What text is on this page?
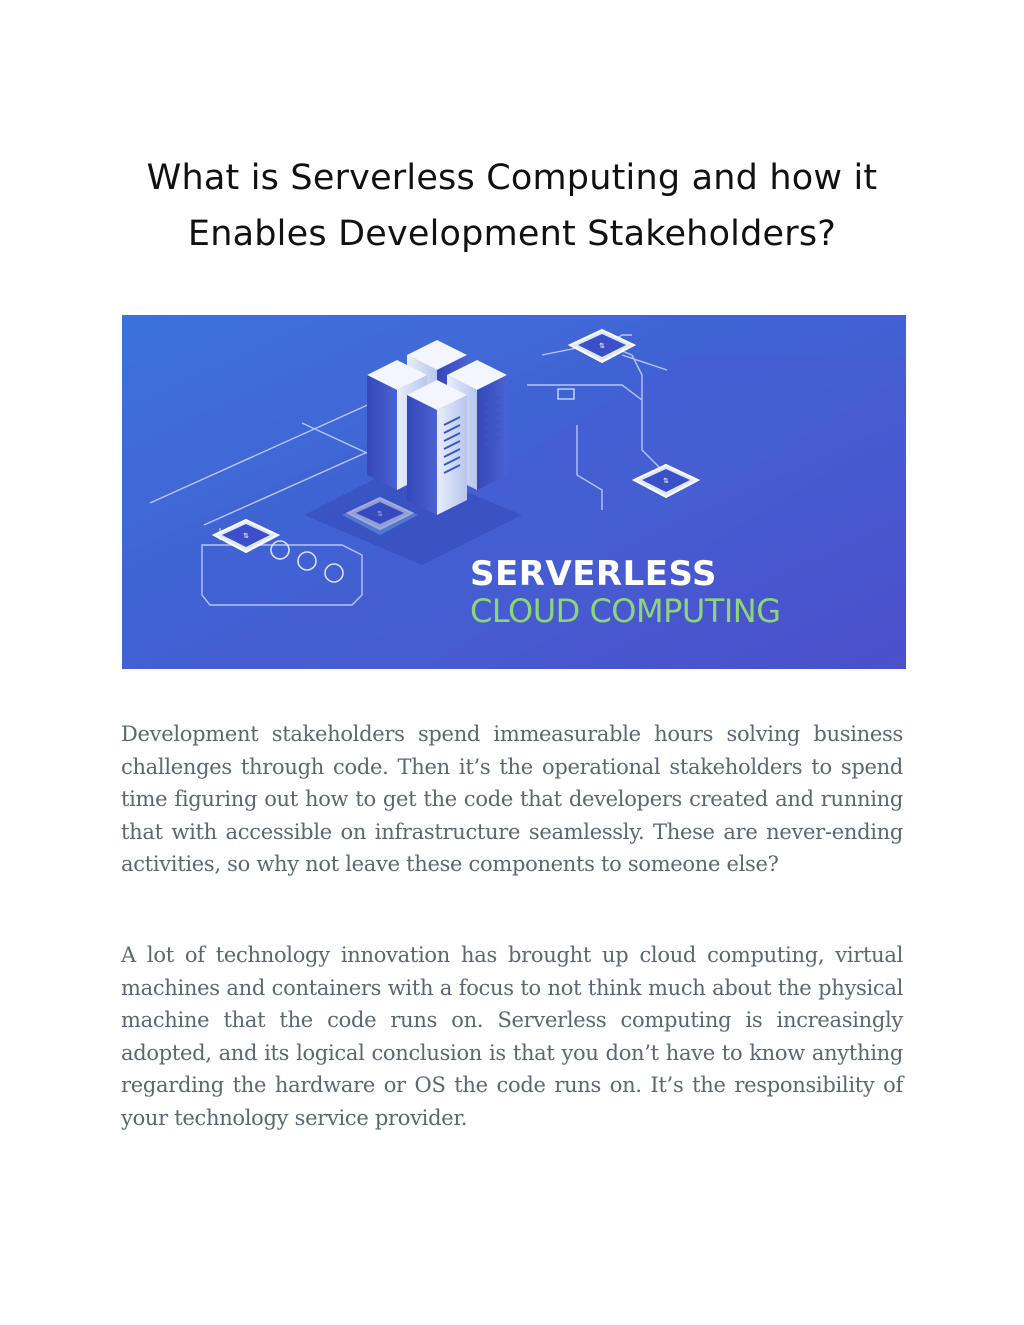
What is Serverless Computing and how it
Enables Development Stakeholders?
⇅
⇅
⇅
⇅
SERVERLESS
CLOUD COMPUTING

Development stakeholders spend immeasurable hours solving business challenges through code. Then it’s the operational stakeholders to spend time figuring out how to get the code that developers created and running that with accessible on infrastructure seamlessly. These are never-ending activities, so why not leave these components to someone else?

A lot of technology innovation has brought up cloud computing, virtual machines and containers with a focus to not think much about the physical machine that the code runs on. Serverless computing is increasingly adopted, and its logical conclusion is that you don’t have to know anything regarding the hardware or OS the code runs on. It’s the responsibility of your technology service provider.
